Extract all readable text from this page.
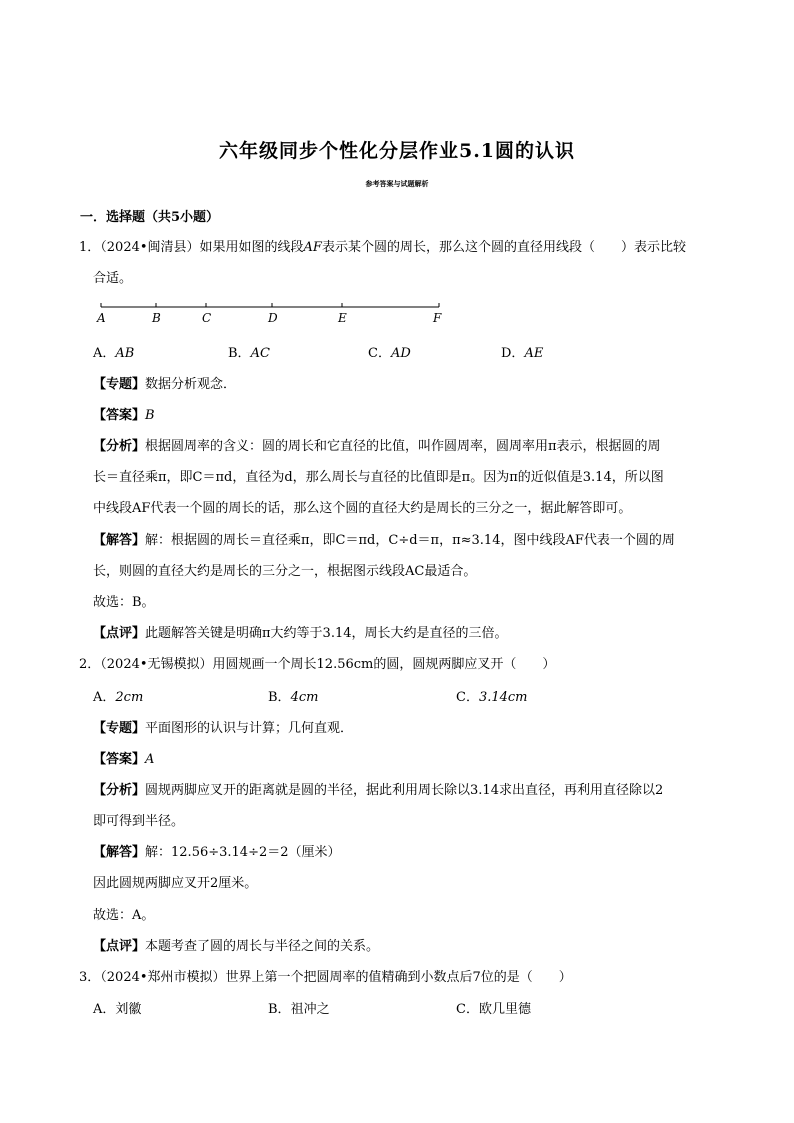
六年级同步个性化分层作业5.1圆的认识
参考答案与试题解析
一．选择题（共5小题）
1．（2024•闽清县）如果用如图的线段AF表示某个圆的周长，那么这个圆的直径用线段（　　）表示比较
合适。
A	B	C	D	E	F
A．AB	B．AC	C．AD	D．AE
【专题】数据分析观念．
【答案】B
【分析】根据圆周率的含义：圆的周长和它直径的比值，叫作圆周率，圆周率用π表示，根据圆的周
长＝直径乘π，即C＝πd，直径为d，那么周长与直径的比值即是π。因为π的近似值是3.14，所以图
中线段AF代表一个圆的周长的话，那么这个圆的直径大约是周长的三分之一，据此解答即可。
【解答】解：根据圆的周长＝直径乘π，即C＝πd，C÷d＝π，π≈3.14，图中线段AF代表一个圆的周
长，则圆的直径大约是周长的三分之一，根据图示线段AC最适合。
故选：B。
【点评】此题解答关键是明确π大约等于3.14，周长大约是直径的三倍。
2．（2024•无锡模拟）用圆规画一个周长12.56cm的圆，圆规两脚应叉开（　　）
A．2cm	B．4cm	C．3.14cm
【专题】平面图形的认识与计算；几何直观．
【答案】A
【分析】圆规两脚应叉开的距离就是圆的半径，据此利用周长除以3.14求出直径，再利用直径除以2
即可得到半径。
【解答】解：12.56÷3.14÷2＝2（厘米）
因此圆规两脚应叉开2厘米。
故选：A。
【点评】本题考查了圆的周长与半径之间的关系。
3．（2024•郑州市模拟）世界上第一个把圆周率的值精确到小数点后7位的是（　　）
A．刘徽	B．祖冲之	C．欧几里德
